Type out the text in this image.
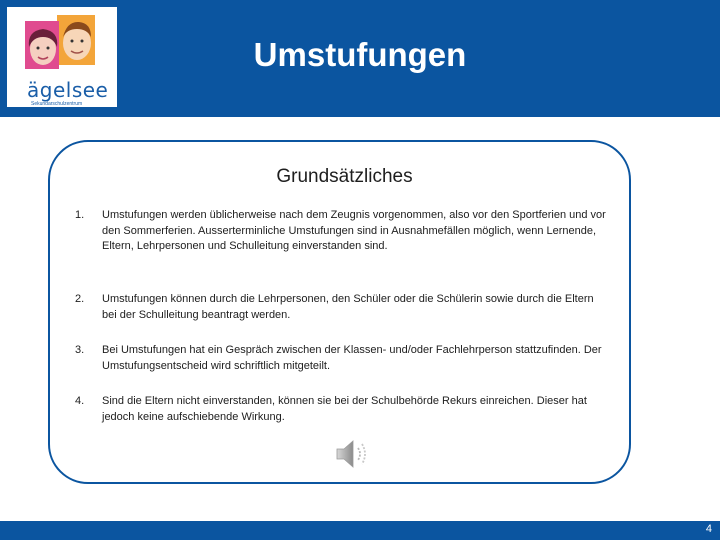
ägelsee
Sekundarschulzentrum
Umstufungen
Grundsätzliches
1. Umstufungen werden üblicherweise nach dem Zeugnis vorgenommen, also vor den Sportferien und vor den Sommerferien. Ausserterminliche Umstufungen sind in Ausnahmefällen möglich, wenn Lernende, Eltern, Lehrpersonen und Schulleitung einverstanden sind.
2. Umstufungen können durch die Lehrpersonen, den Schüler oder die Schülerin sowie durch die Eltern bei der Schulleitung beantragt werden.
3. Bei Umstufungen hat ein Gespräch zwischen der Klassen- und/oder Fachlehrperson stattzufinden. Der Umstufungsentscheid wird schriftlich mitgeteilt.
4. Sind die Eltern nicht einverstanden, können sie bei der Schulbehörde Rekurs einreichen. Dieser hat jedoch keine aufschiebende Wirkung.
4
